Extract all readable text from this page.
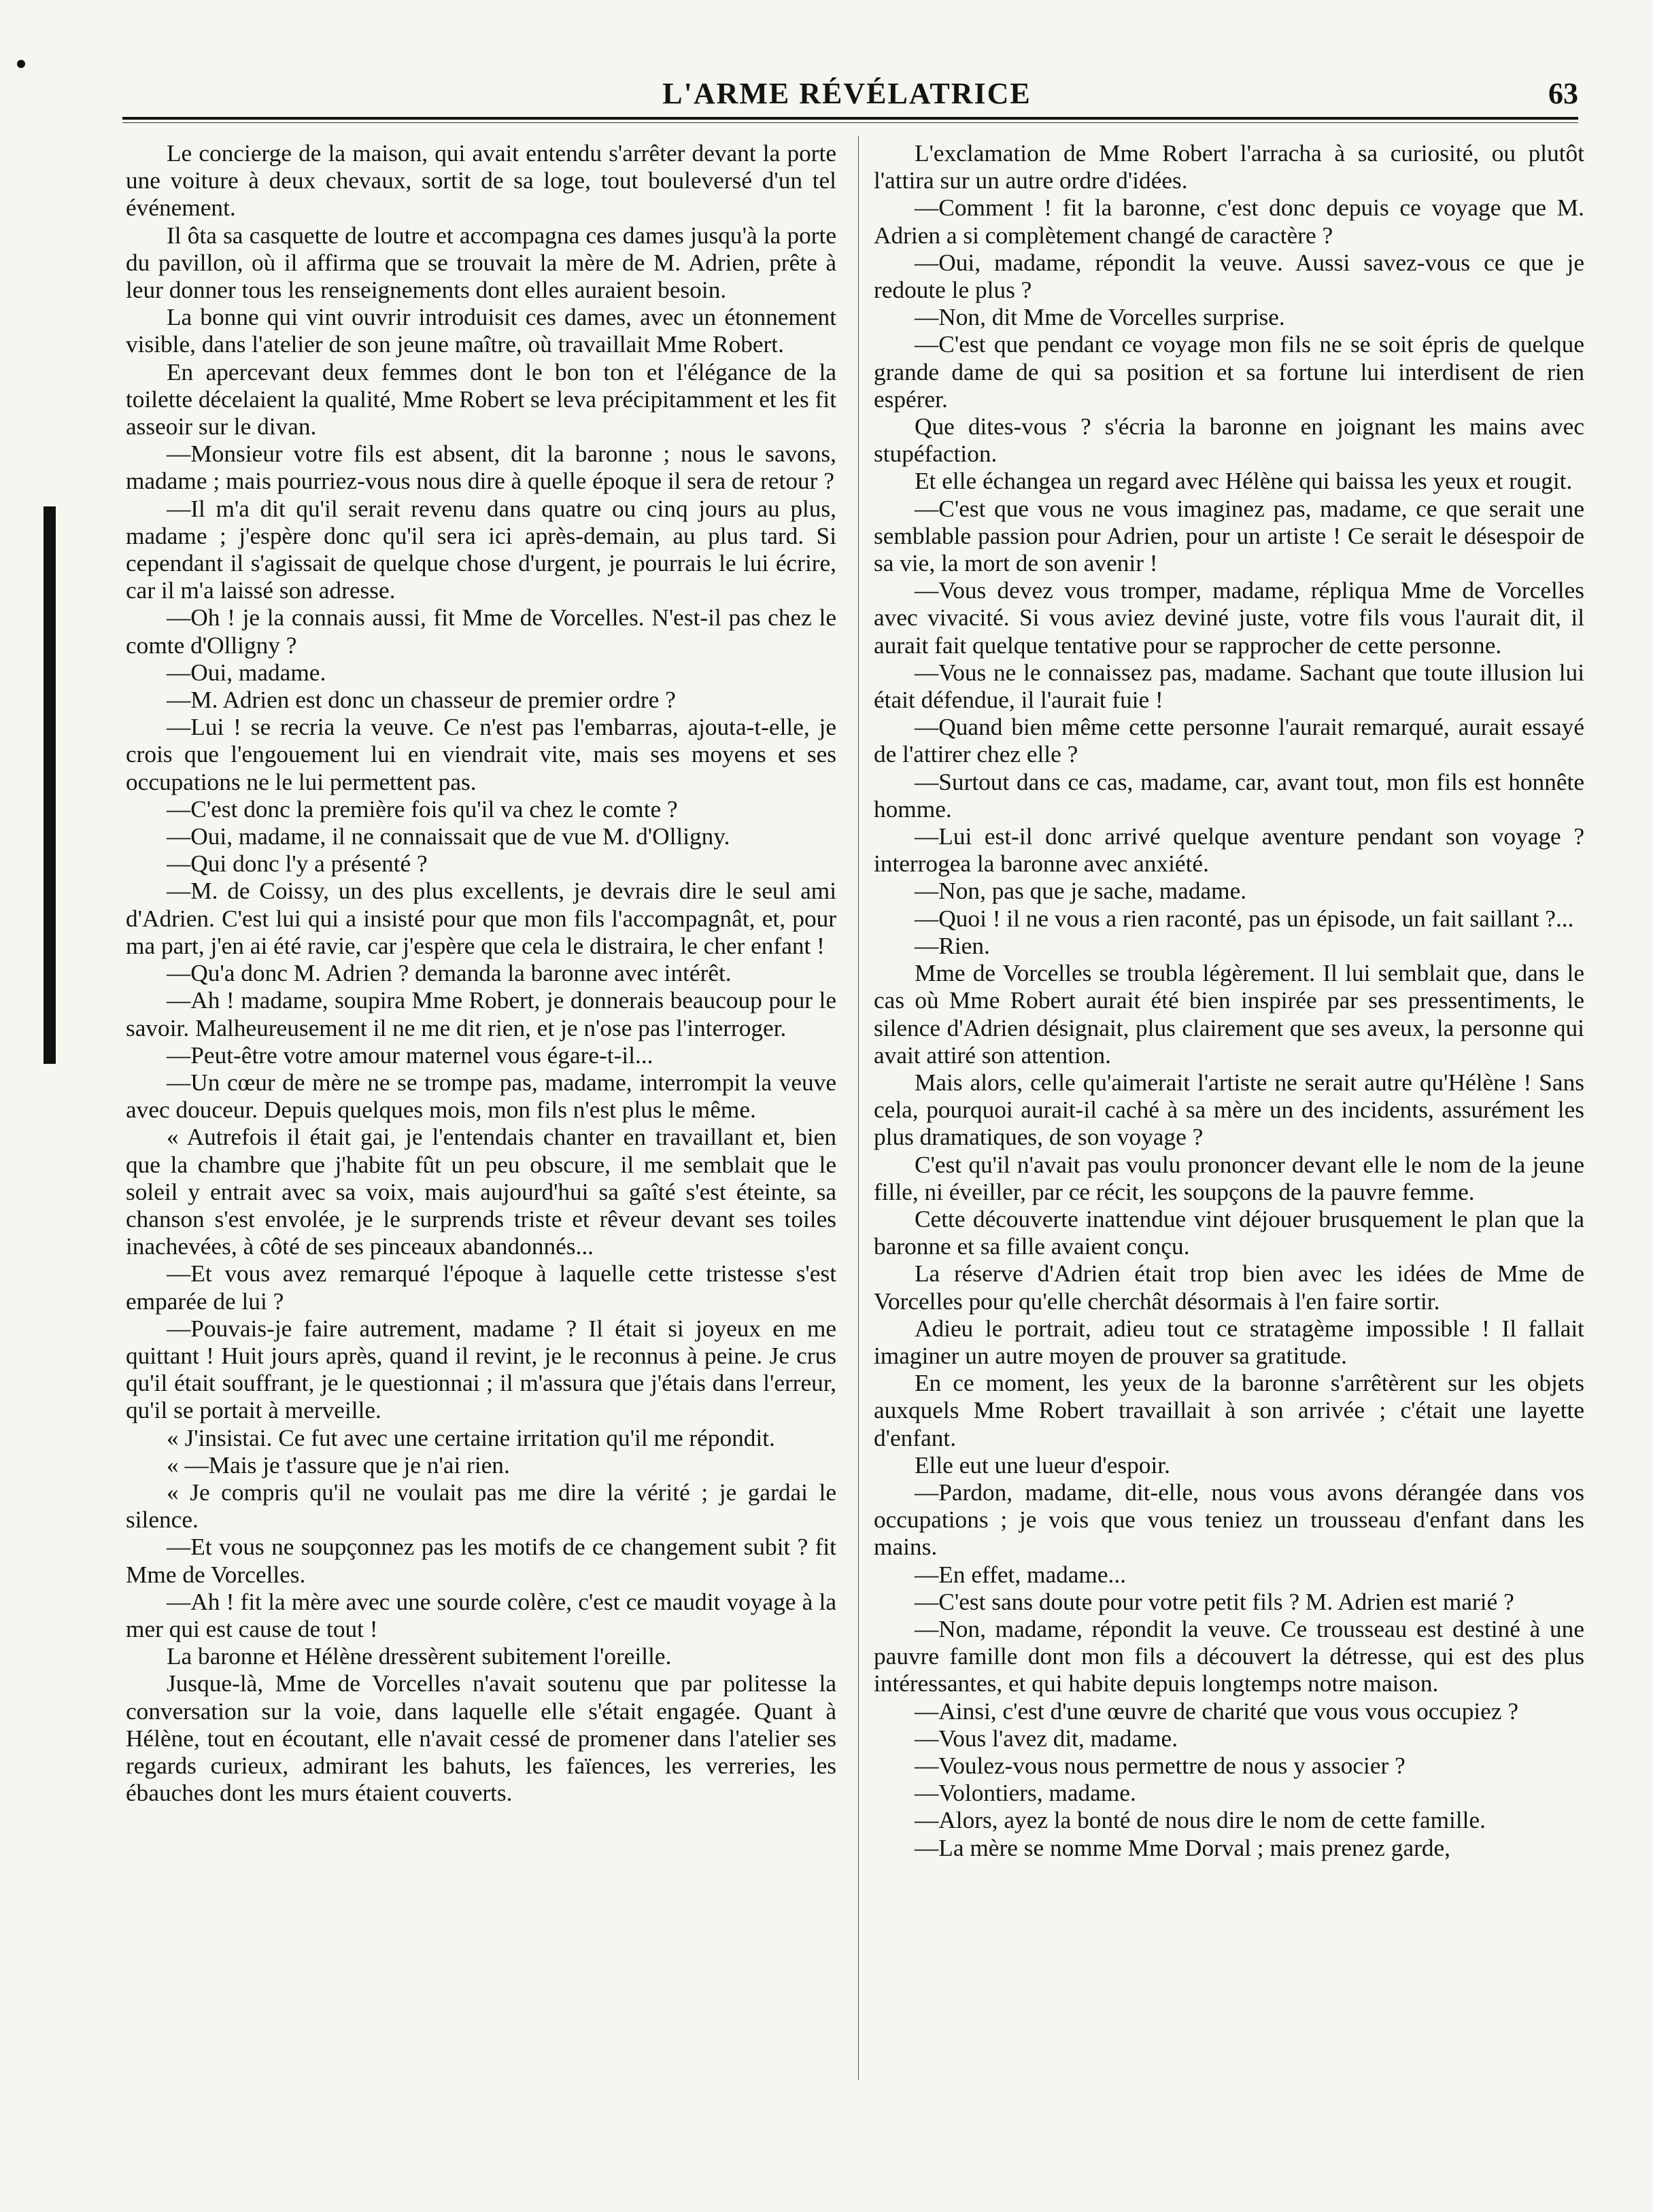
L'ARME RÉVÉLATRICE	63

Le concierge de la maison, qui avait entendu s'arrêter devant la porte une voiture à deux chevaux, sortit de sa loge, tout bouleversé d'un tel événement.

Il ôta sa casquette de loutre et accompagna ces dames jusqu'à la porte du pavillon, où il affirma que se trouvait la mère de M. Adrien, prête à leur donner tous les renseignements dont elles auraient besoin.

La bonne qui vint ouvrir introduisit ces dames, avec un étonnement visible, dans l'atelier de son jeune maître, où travaillait Mme Robert.

En apercevant deux femmes dont le bon ton et l'élégance de la toilette décelaient la qualité, Mme Robert se leva précipitamment et les fit asseoir sur le divan.

—Monsieur votre fils est absent, dit la baronne ; nous le savons, madame ; mais pourriez-vous nous dire à quelle époque il sera de retour ?

—Il m'a dit qu'il serait revenu dans quatre ou cinq jours au plus, madame ; j'espère donc qu'il sera ici après-demain, au plus tard. Si cependant il s'agissait de quelque chose d'urgent, je pourrais le lui écrire, car il m'a laissé son adresse.

—Oh ! je la connais aussi, fit Mme de Vorcelles. N'est-il pas chez le comte d'Olligny ?

—Oui, madame.

—M. Adrien est donc un chasseur de premier ordre ?

—Lui ! se recria la veuve. Ce n'est pas l'embarras, ajouta-t-elle, je crois que l'engouement lui en viendrait vite, mais ses moyens et ses occupations ne le lui permettent pas.

—C'est donc la première fois qu'il va chez le comte ?

—Oui, madame, il ne connaissait que de vue M. d'Olligny.

—Qui donc l'y a présenté ?

—M. de Coissy, un des plus excellents, je devrais dire le seul ami d'Adrien. C'est lui qui a insisté pour que mon fils l'accompagnât, et, pour ma part, j'en ai été ravie, car j'espère que cela le distraira, le cher enfant !

—Qu'a donc M. Adrien ? demanda la baronne avec intérêt.

—Ah ! madame, soupira Mme Robert, je donnerais beaucoup pour le savoir. Malheureusement il ne me dit rien, et je n'ose pas l'interroger.

—Peut-être votre amour maternel vous égare-t-il...

—Un cœur de mère ne se trompe pas, madame, interrompit la veuve avec douceur. Depuis quelques mois, mon fils n'est plus le même.

« Autrefois il était gai, je l'entendais chanter en travaillant et, bien que la chambre que j'habite fût un peu obscure, il me semblait que le soleil y entrait avec sa voix, mais aujourd'hui sa gaîté s'est éteinte, sa chanson s'est envolée, je le surprends triste et rêveur devant ses toiles inachevées, à côté de ses pinceaux abandonnés...

—Et vous avez remarqué l'époque à laquelle cette tristesse s'est emparée de lui ?

—Pouvais-je faire autrement, madame ? Il était si joyeux en me quittant ! Huit jours après, quand il revint, je le reconnus à peine. Je crus qu'il était souffrant, je le questionnai ; il m'assura que j'étais dans l'erreur, qu'il se portait à merveille.

« J'insistai. Ce fut avec une certaine irritation qu'il me répondit.

« —Mais je t'assure que je n'ai rien.

« Je compris qu'il ne voulait pas me dire la vérité ; je gardai le silence.

—Et vous ne soupçonnez pas les motifs de ce changement subit ? fit Mme de Vorcelles.

—Ah ! fit la mère avec une sourde colère, c'est ce maudit voyage à la mer qui est cause de tout !

La baronne et Hélène dressèrent subitement l'oreille.

Jusque-là, Mme de Vorcelles n'avait soutenu que par politesse la conversation sur la voie, dans laquelle elle s'était engagée. Quant à Hélène, tout en écoutant, elle n'avait cessé de promener dans l'atelier ses regards curieux, admirant les bahuts, les faïences, les verreries, les ébauches dont les murs étaient couverts.

L'exclamation de Mme Robert l'arracha à sa curiosité, ou plutôt l'attira sur un autre ordre d'idées.

—Comment ! fit la baronne, c'est donc depuis ce voyage que M. Adrien a si complètement changé de caractère ?

—Oui, madame, répondit la veuve. Aussi savez-vous ce que je redoute le plus ?

—Non, dit Mme de Vorcelles surprise.

—C'est que pendant ce voyage mon fils ne se soit épris de quelque grande dame de qui sa position et sa fortune lui interdisent de rien espérer.

Que dites-vous ? s'écria la baronne en joignant les mains avec stupéfaction.

Et elle échangea un regard avec Hélène qui baissa les yeux et rougit.

—C'est que vous ne vous imaginez pas, madame, ce que serait une semblable passion pour Adrien, pour un artiste ! Ce serait le désespoir de sa vie, la mort de son avenir !

—Vous devez vous tromper, madame, répliqua Mme de Vorcelles avec vivacité. Si vous aviez deviné juste, votre fils vous l'aurait dit, il aurait fait quelque tentative pour se rapprocher de cette personne.

—Vous ne le connaissez pas, madame. Sachant que toute illusion lui était défendue, il l'aurait fuie !

—Quand bien même cette personne l'aurait remarqué, aurait essayé de l'attirer chez elle ?

—Surtout dans ce cas, madame, car, avant tout, mon fils est honnête homme.

—Lui est-il donc arrivé quelque aventure pendant son voyage ? interrogea la baronne avec anxiété.

—Non, pas que je sache, madame.

—Quoi ! il ne vous a rien raconté, pas un épisode, un fait saillant ?...

—Rien.

Mme de Vorcelles se troubla légèrement. Il lui semblait que, dans le cas où Mme Robert aurait été bien inspirée par ses pressentiments, le silence d'Adrien désignait, plus clairement que ses aveux, la personne qui avait attiré son attention.

Mais alors, celle qu'aimerait l'artiste ne serait autre qu'Hélène ! Sans cela, pourquoi aurait-il caché à sa mère un des incidents, assurément les plus dramatiques, de son voyage ?

C'est qu'il n'avait pas voulu prononcer devant elle le nom de la jeune fille, ni éveiller, par ce récit, les soupçons de la pauvre femme.

Cette découverte inattendue vint déjouer brusquement le plan que la baronne et sa fille avaient conçu.

La réserve d'Adrien était trop bien avec les idées de Mme de Vorcelles pour qu'elle cherchât désormais à l'en faire sortir.

Adieu le portrait, adieu tout ce stratagème impossible ! Il fallait imaginer un autre moyen de prouver sa gratitude.

En ce moment, les yeux de la baronne s'arrêtèrent sur les objets auxquels Mme Robert travaillait à son arrivée ; c'était une layette d'enfant.

Elle eut une lueur d'espoir.

—Pardon, madame, dit-elle, nous vous avons dérangée dans vos occupations ; je vois que vous teniez un trousseau d'enfant dans les mains.

—En effet, madame...

—C'est sans doute pour votre petit fils ? M. Adrien est marié ?

—Non, madame, répondit la veuve. Ce trousseau est destiné à une pauvre famille dont mon fils a découvert la détresse, qui est des plus intéressantes, et qui habite depuis longtemps notre maison.

—Ainsi, c'est d'une œuvre de charité que vous vous occupiez ?

—Vous l'avez dit, madame.

—Voulez-vous nous permettre de nous y associer ?

—Volontiers, madame.

—Alors, ayez la bonté de nous dire le nom de cette famille.

—La mère se nomme Mme Dorval ; mais prenez garde,
